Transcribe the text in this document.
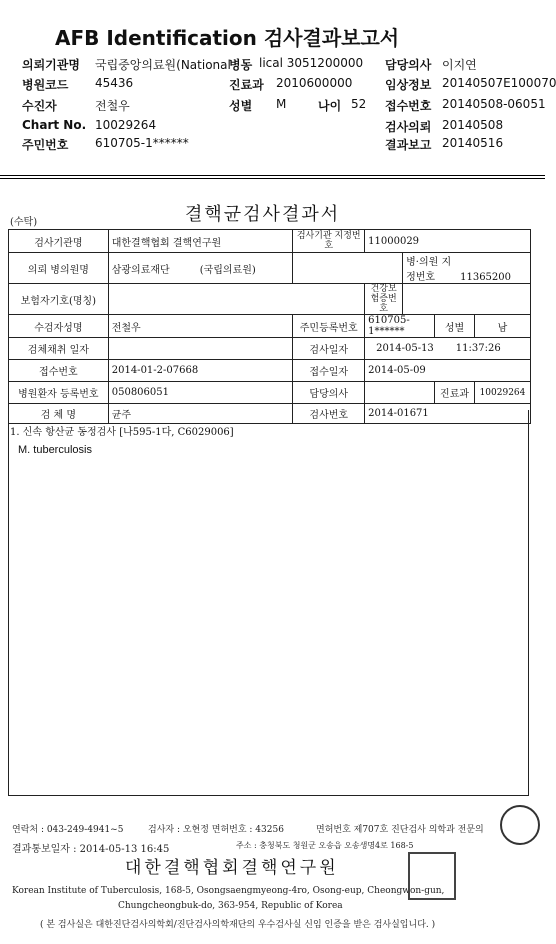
AFB Identification 검사결과보고서
의뢰기관명 국립중앙의료원(National
병원코드 45436
수진자	전철우
Chart No. 10029264
주민번호 610705-1******
병동 lical 3051200000
진료과 2010600000
성별 M	나이 52
담당의사 이지연
임상정보 20140507E100070
접수번호 20140508-06051
검사의뢰 20140508
결과보고 20140516
(수탁)	결핵균검사결과서
검사기관명	대한결핵협회 결핵연구원	검사기관 지정번호	11000029			
의뢰 병의원명	삼광의료재단 (국립의료원)			병·의원 지정번호 11365200		
보험자기호(명칭)			건강보험증번호			
수검자성명	전철우	주민등록번호	610705-1******		성별	남
검체채취 일자		검사일자	2014-05-13 11:37:26			
접수번호	2014-01-2-07668	접수일자	2014-05-09			
병원환자 등록번호	050806051	담당의사			진료과	10029264
검 체 명	균주	검사번호	2014-01671			
1. 신속 항산균 동정검사 [나595-1다, C6029006]
M. tuberculosis
연락처 : 043-249-4941~5	검사자 : 오현정 면허번호 : 43256	면허번호 제707호 진단검사 의학과 전문의
결과통보일자 : 2014-05-13 16:45	주소 : 충청북도 청원군 오송읍 오송생명4로 168-5
대한결핵협회결핵연구원
Korean Institute of Tuberculosis, 168-5, Osongsaengmyeong-4ro, Osong-eup, Cheongwon-gun,
Chungcheongbuk-do, 363-954, Republic of Korea
( 본 검사실은 대한진단검사의학회/진단검사의학재단의 우수검사실 신임 인증을 받은 검사실입니다. )
